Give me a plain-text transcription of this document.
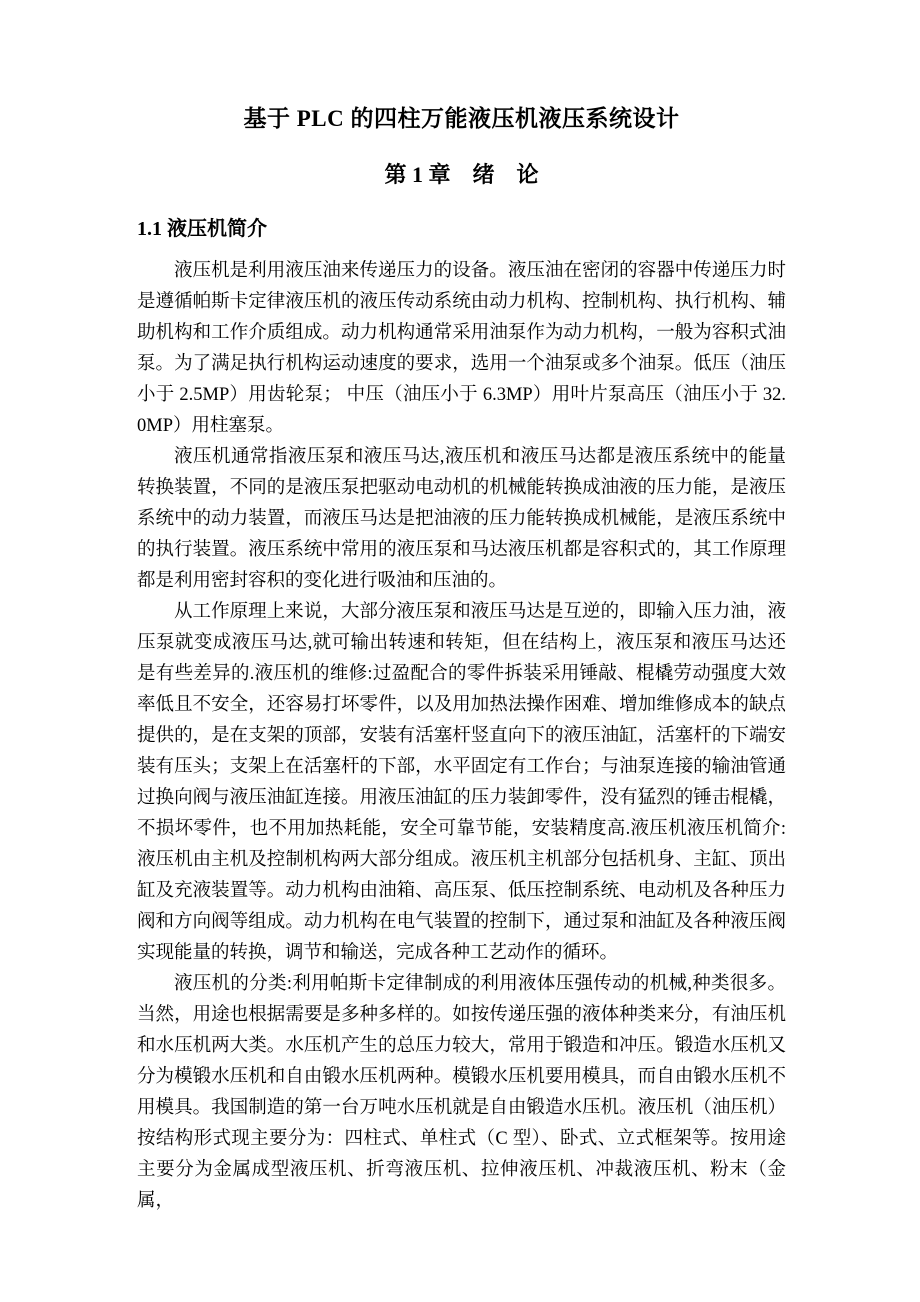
基于 PLC 的四柱万能液压机液压系统设计
第 1 章　绪　论
1.1 液压机简介

液压机是利用液压油来传递压力的设备。液压油在密闭的容器中传递压力时是遵循帕斯卡定律液压机的液压传动系统由动力机构、控制机构、执行机构、辅助机构和工作介质组成。动力机构通常采用油泵作为动力机构，一般为容积式油泵。为了满足执行机构运动速度的要求，选用一个油泵或多个油泵。低压（油压小于 2.5MP）用齿轮泵； 中压（油压小于 6.3MP）用叶片泵高压（油压小于 32.0MP）用柱塞泵。

液压机通常指液压泵和液压马达,液压机和液压马达都是液压系统中的能量转换装置，不同的是液压泵把驱动电动机的机械能转换成油液的压力能，是液压系统中的动力装置，而液压马达是把油液的压力能转换成机械能，是液压系统中的执行装置。液压系统中常用的液压泵和马达液压机都是容积式的，其工作原理都是利用密封容积的变化进行吸油和压油的。

从工作原理上来说，大部分液压泵和液压马达是互逆的，即输入压力油，液压泵就变成液压马达,就可输出转速和转矩，但在结构上，液压泵和液压马达还是有些差异的.液压机的维修:过盈配合的零件拆装采用锤敲、棍橇劳动强度大效率低且不安全，还容易打坏零件，以及用加热法操作困难、增加维修成本的缺点提供的，是在支架的顶部，安装有活塞杆竖直向下的液压油缸，活塞杆的下端安装有压头；支架上在活塞杆的下部，水平固定有工作台；与油泵连接的输油管通过换向阀与液压油缸连接。用液压油缸的压力装卸零件，没有猛烈的锤击棍橇，不损坏零件，也不用加热耗能，安全可靠节能，安装精度高.液压机液压机简介:液压机由主机及控制机构两大部分组成。液压机主机部分包括机身、主缸、顶出缸及充液装置等。动力机构由油箱、高压泵、低压控制系统、电动机及各种压力阀和方向阀等组成。动力机构在电气装置的控制下，通过泵和油缸及各种液压阀实现能量的转换，调节和输送，完成各种工艺动作的循环。

液压机的分类:利用帕斯卡定律制成的利用液体压强传动的机械,种类很多。当然，用途也根据需要是多种多样的。如按传递压强的液体种类来分，有油压机和水压机两大类。水压机产生的总压力较大，常用于锻造和冲压。锻造水压机又分为模锻水压机和自由锻水压机两种。模锻水压机要用模具，而自由锻水压机不用模具。我国制造的第一台万吨水压机就是自由锻造水压机。液压机（油压机）按结构形式现主要分为：四柱式、单柱式（C 型）、卧式、立式框架等。按用途主要分为金属成型液压机、折弯液压机、拉伸液压机、冲裁液压机、粉末（金属，
